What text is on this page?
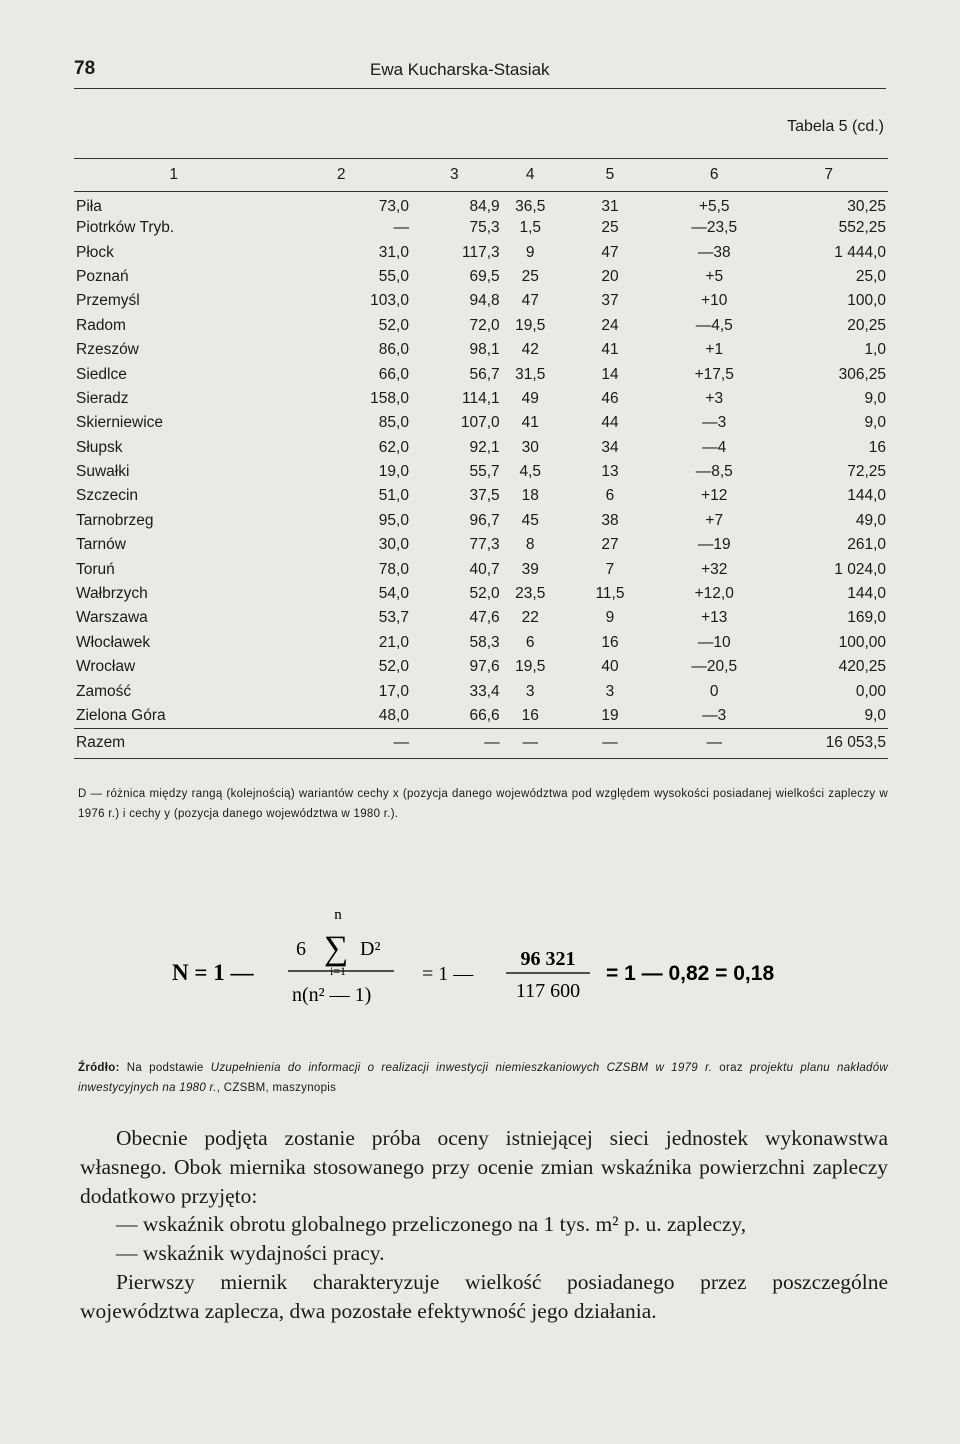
78	Ewa Kucharska-Stasiak
Tabela 5 (cd.)
1	2	3	4	5	6	7
Piła	73,0	84,9	36,5	31	+5,5	30,25
Piotrków Tryb.	—	75,3	1,5	25	—23,5	552,25
Płock	31,0	117,3	9	47	—38	1 444,0
Poznań	55,0	69,5	25	20	+5	25,0
Przemyśl	103,0	94,8	47	37	+10	100,0
Radom	52,0	72,0	19,5	24	—4,5	20,25
Rzeszów	86,0	98,1	42	41	+1	1,0
Siedlce	66,0	56,7	31,5	14	+17,5	306,25
Sieradz	158,0	114,1	49	46	+3	9,0
Skierniewice	85,0	107,0	41	44	—3	9,0
Słupsk	62,0	92,1	30	34	—4	16
Suwałki	19,0	55,7	4,5	13	—8,5	72,25
Szczecin	51,0	37,5	18	6	+12	144,0
Tarnobrzeg	95,0	96,7	45	38	+7	49,0
Tarnów	30,0	77,3	8	27	—19	261,0
Toruń	78,0	40,7	39	7	+32	1 024,0
Wałbrzych	54,0	52,0	23,5	11,5	+12,0	144,0
Warszawa	53,7	47,6	22	9	+13	169,0
Włocławek	21,0	58,3	6	16	—10	100,00
Wrocław	52,0	97,6	19,5	40	—20,5	420,25
Zamość	17,0	33,4	3	3	0	0,00
Zielona Góra	48,0	66,6	16	19	—3	9,0
Razem	—	—	—	—	—	16 053,5
D — różnica między rangą (kolejnością) wariantów cechy x (pozycja danego województwa pod względem wysokości posiadanej wielkości zapleczy w 1976 r.) i cechy y (pozycja danego województwa w 1980 r.).
N = 1 —
6
n
∑
i=1
D²
n(n² — 1)
= 1 —
96 321
117 600
= 1 — 0,82 = 0,18
Źródło: Na podstawie Uzupełnienia do informacji o realizacji inwestycji niemieszkaniowych CZSBM w 1979 r. oraz projektu planu nakładów inwestycyjnych na 1980 r., CZSBM, maszynopis

Obecnie podjęta zostanie próba oceny istniejącej sieci jednostek wykonawstwa własnego. Obok miernika stosowanego przy ocenie zmian wskaźnika powierzchni zapleczy dodatkowo przyjęto:

— wskaźnik obrotu globalnego przeliczonego na 1 tys. m² p. u. zapleczy,

— wskaźnik wydajności pracy.

Pierwszy miernik charakteryzuje wielkość posiadanego przez poszczególne województwa zaplecza, dwa pozostałe efektywność jego działania.
